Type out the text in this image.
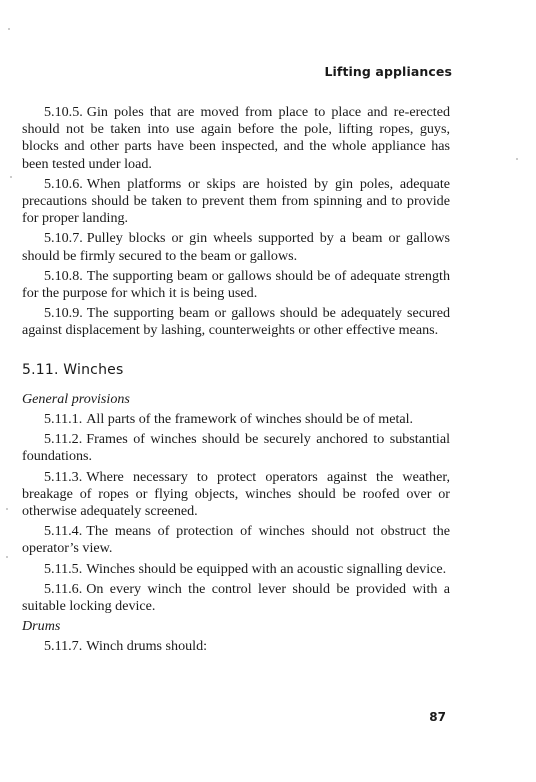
Lifting appliances

5.10.5. Gin poles that are moved from place to place and re-erected should not be taken into use again before the pole, lifting ropes, guys, blocks and other parts have been inspected, and the whole appliance has been tested under load.

5.10.6. When platforms or skips are hoisted by gin poles, adequate precautions should be taken to prevent them from spinning and to provide for proper landing.

5.10.7. Pulley blocks or gin wheels supported by a beam or gallows should be firmly secured to the beam or gallows.

5.10.8. The supporting beam or gallows should be of adequate strength for the purpose for which it is being used.

5.10.9. The supporting beam or gallows should be adequately secured against displacement by lashing, counterweights or other effective means.

5.11. Winches

General provisions

5.11.1. All parts of the framework of winches should be of metal.

5.11.2. Frames of winches should be securely anchored to substantial foundations.

5.11.3. Where necessary to protect operators against the weather, breakage of ropes or flying objects, winches should be roofed over or otherwise adequately screened.

5.11.4. The means of protection of winches should not obstruct the operator’s view.

5.11.5. Winches should be equipped with an acoustic signalling device.

5.11.6. On every winch the control lever should be provided with a suitable locking device.

Drums

5.11.7. Winch drums should:

87
